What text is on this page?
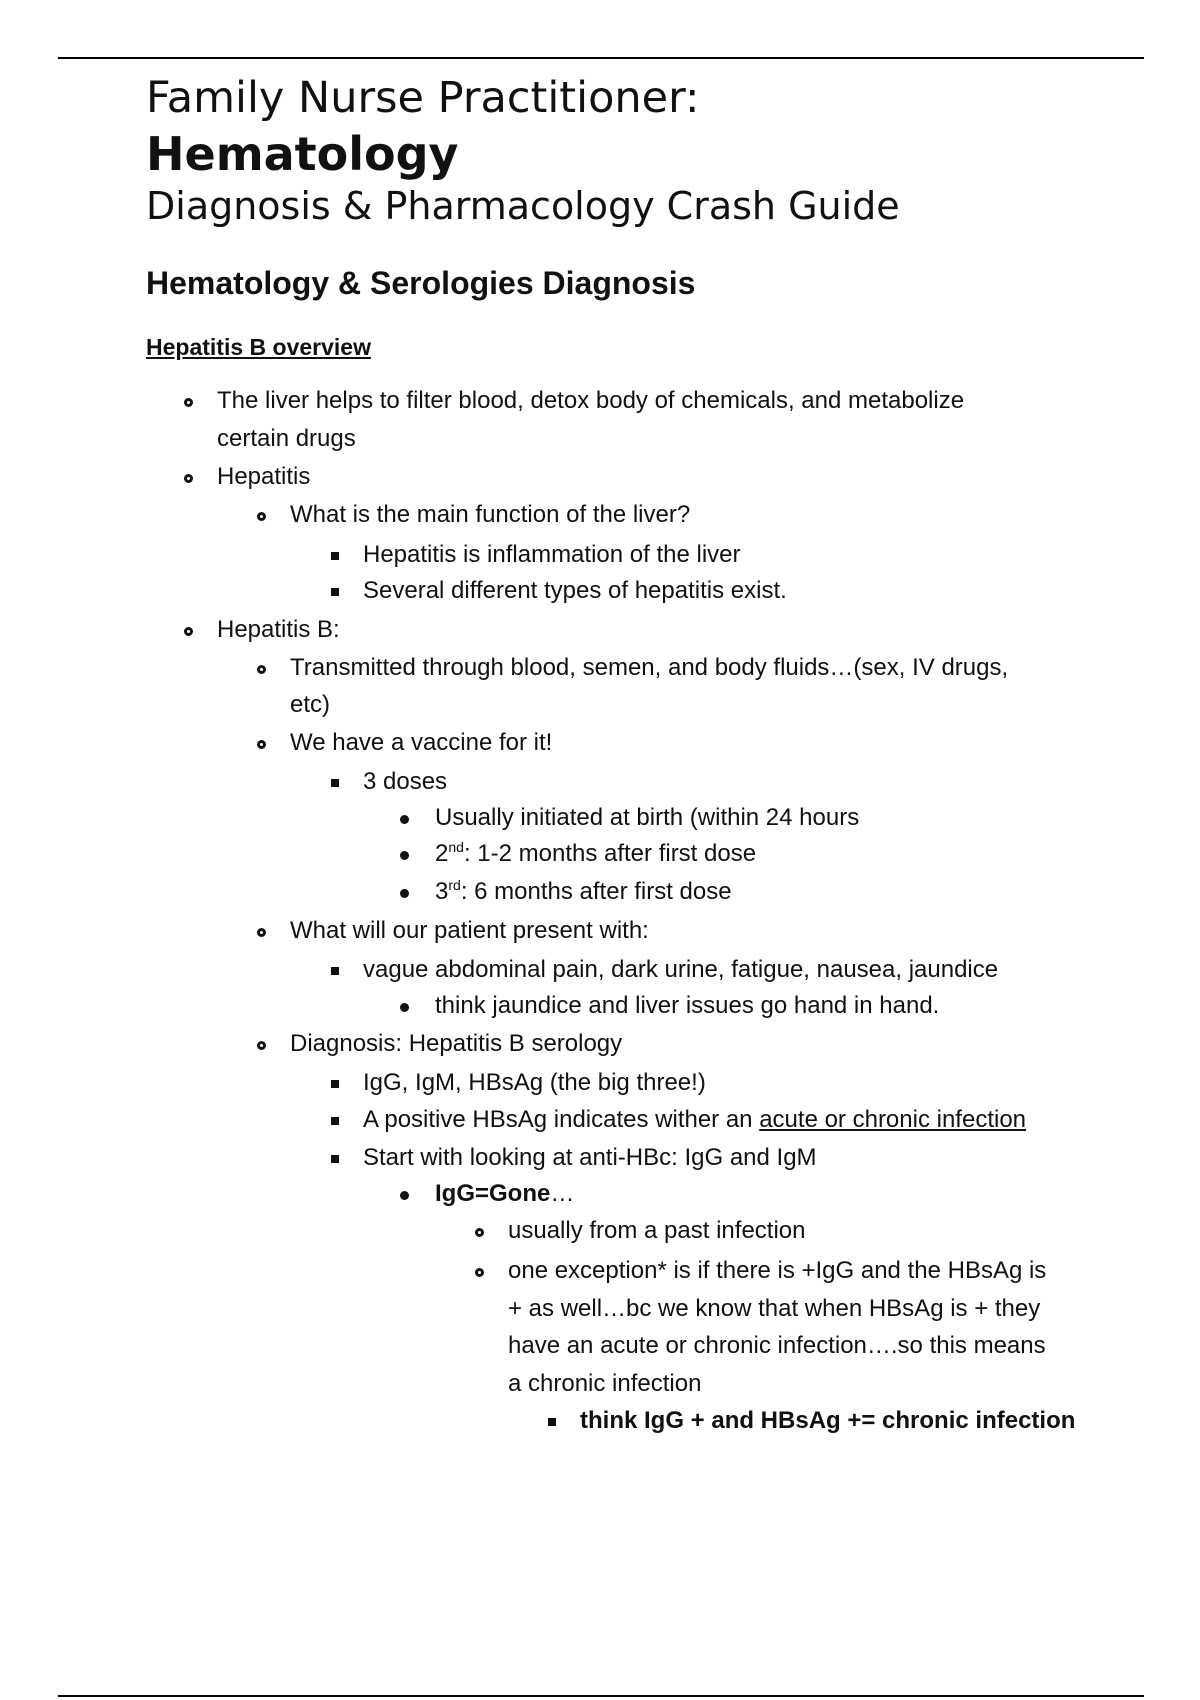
Family Nurse Practitioner:
Hematology
Diagnosis & Pharmacology Crash Guide
Hematology & Serologies Diagnosis
Hepatitis B overview
The liver helps to filter blood, detox body of chemicals, and metabolize
certain drugs
Hepatitis
What is the main function of the liver?
Hepatitis is inflammation of the liver
Several different types of hepatitis exist.
Hepatitis B:
Transmitted through blood, semen, and body fluids…(sex, IV drugs,
etc)
We have a vaccine for it!
3 doses
Usually initiated at birth (within 24 hours
2nd: 1-2 months after first dose
3rd: 6 months after first dose
What will our patient present with:
vague abdominal pain, dark urine, fatigue, nausea, jaundice
think jaundice and liver issues go hand in hand.
Diagnosis: Hepatitis B serology
IgG, IgM, HBsAg (the big three!)
A positive HBsAg indicates wither an acute or chronic infection
Start with looking at anti-HBc: IgG and IgM
IgG=Gone…
usually from a past infection
one exception* is if there is +IgG and the HBsAg is
+ as well…bc we know that when HBsAg is + they
have an acute or chronic infection….so this means
a chronic infection
think IgG + and HBsAg += chronic infection
